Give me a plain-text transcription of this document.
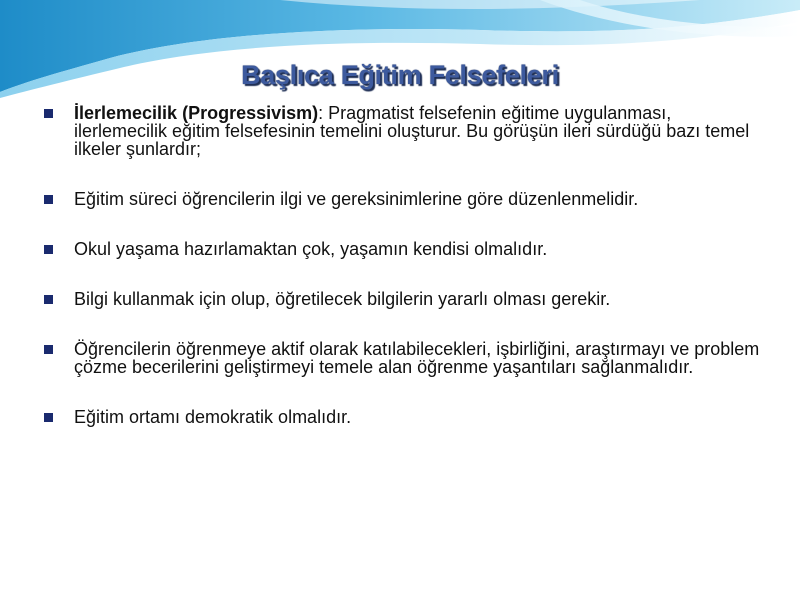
Başlıca Eğitim Felsefeleri
İlerlemecilik (Progressivism): Pragmatist felsefenin eğitime uygulanması, ilerlemecilik eğitim felsefesinin temelini oluşturur. Bu görüşün ileri sürdüğü bazı temel ilkeler şunlardır;
Eğitim süreci öğrencilerin ilgi ve gereksinimlerine göre düzenlenmelidir.
Okul yaşama hazırlamaktan çok, yaşamın kendisi olmalıdır.
Bilgi kullanmak için olup, öğretilecek bilgilerin yararlı olması gerekir.
Öğrencilerin öğrenmeye aktif olarak katılabilecekleri, işbirliğini, araştırmayı ve problem çözme becerilerini geliştirmeyi temele alan öğrenme yaşantıları sağlanmalıdır.
Eğitim ortamı demokratik olmalıdır.
